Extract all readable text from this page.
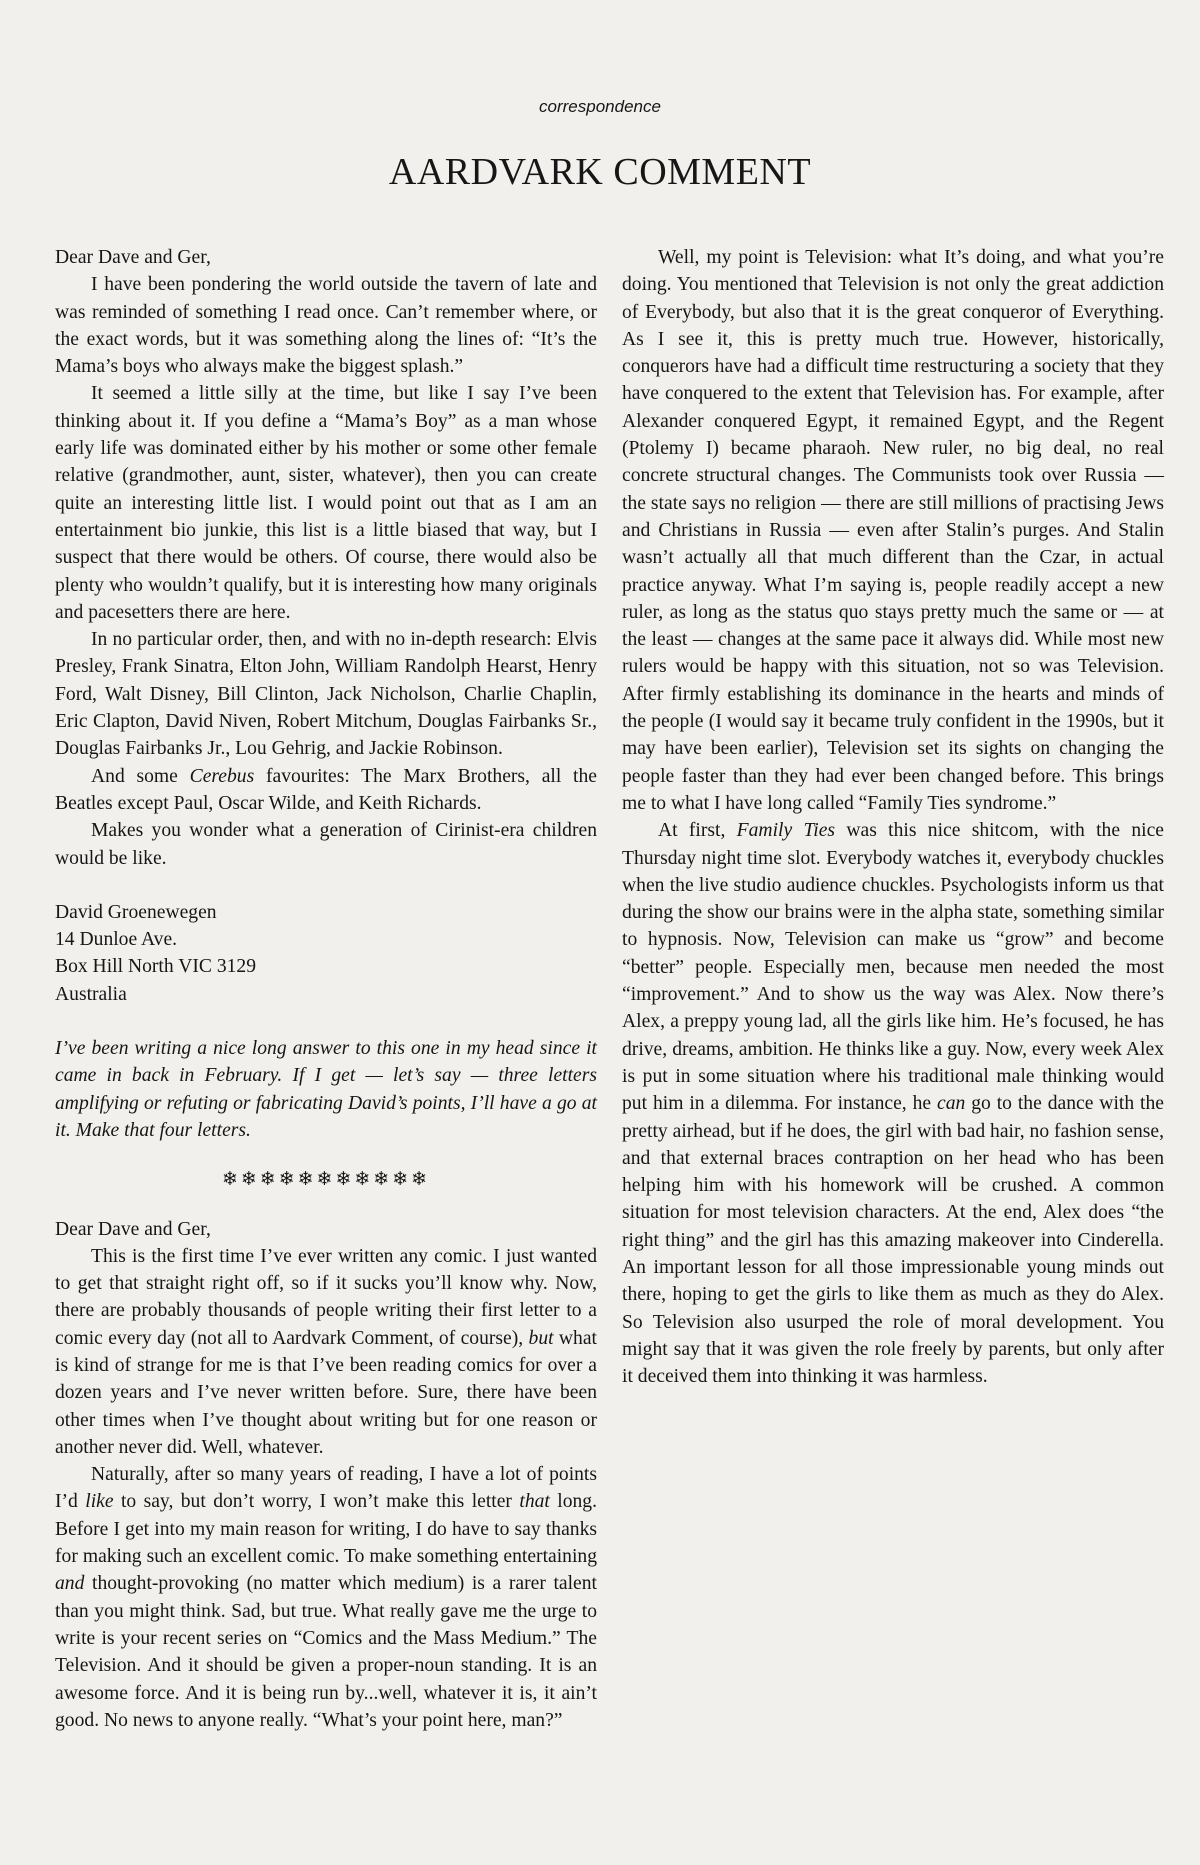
correspondence
AARDVARK COMMENT

Dear Dave and Ger,

I have been pondering the world outside the tavern of late and was reminded of something I read once. Can’t remember where, or the exact words, but it was something along the lines of: “It’s the Mama’s boys who always make the biggest splash.”

It seemed a little silly at the time, but like I say I’ve been thinking about it. If you define a “Mama’s Boy” as a man whose early life was dominated either by his mother or some other female relative (grandmother, aunt, sister, whatever), then you can create quite an interesting little list. I would point out that as I am an entertainment bio junkie, this list is a little biased that way, but I suspect that there would be others. Of course, there would also be plenty who wouldn’t qualify, but it is interesting how many originals and pacesetters there are here.

In no particular order, then, and with no in-depth research: Elvis Presley, Frank Sinatra, Elton John, William Randolph Hearst, Henry Ford, Walt Disney, Bill Clinton, Jack Nicholson, Charlie Chaplin, Eric Clapton, David Niven, Robert Mitchum, Douglas Fairbanks Sr., Douglas Fairbanks Jr., Lou Gehrig, and Jackie Robinson.

And some Cerebus favourites: The Marx Brothers, all the Beatles except Paul, Oscar Wilde, and Keith Richards.

Makes you wonder what a generation of Cirinist-era children would be like.

David Groenewegen

14 Dunloe Ave.

Box Hill North VIC 3129

Australia

I’ve been writing a nice long answer to this one in my head since it came in back in February. If I get — let’s say — three letters amplifying or refuting or fabricating David’s points, I’ll have a go at it. Make that four letters.

❄❄❄❄❄❄❄❄❄❄❄

Dear Dave and Ger,

This is the first time I’ve ever written any comic. I just wanted to get that straight right off, so if it sucks you’ll know why. Now, there are probably thousands of people writing their first letter to a comic every day (not all to Aardvark Comment, of course), but what is kind of strange for me is that I’ve been reading comics for over a dozen years and I’ve never written before. Sure, there have been other times when I’ve thought about writing but for one reason or another never did. Well, whatever.

Naturally, after so many years of reading, I have a lot of points I’d like to say, but don’t worry, I won’t make this letter that long. Before I get into my main reason for writing, I do have to say thanks for making such an excellent comic. To make something entertaining and thought-provoking (no matter which medium) is a rarer talent than you might think. Sad, but true. What really gave me the urge to write is your recent series on “Comics and the Mass Medium.” The Television. And it should be given a proper-noun standing. It is an awesome force. And it is being run by...well, whatever it is, it ain’t good. No news to anyone really. “What’s your point here, man?”

Well, my point is Television: what It’s doing, and what you’re doing. You mentioned that Television is not only the great addiction of Everybody, but also that it is the great conqueror of Everything. As I see it, this is pretty much true. However, historically, conquerors have had a difficult time restructuring a society that they have conquered to the extent that Television has. For example, after Alexander conquered Egypt, it remained Egypt, and the Regent (Ptolemy I) became pharaoh. New ruler, no big deal, no real concrete structural changes. The Communists took over Russia — the state says no religion — there are still millions of practising Jews and Christians in Russia — even after Stalin’s purges. And Stalin wasn’t actually all that much different than the Czar, in actual practice anyway. What I’m saying is, people readily accept a new ruler, as long as the status quo stays pretty much the same or — at the least — changes at the same pace it always did. While most new rulers would be happy with this situation, not so was Television. After firmly establishing its dominance in the hearts and minds of the people (I would say it became truly confident in the 1990s, but it may have been earlier), Television set its sights on changing the people faster than they had ever been changed before. This brings me to what I have long called “Family Ties syndrome.”

At first, Family Ties was this nice shitcom, with the nice Thursday night time slot. Everybody watches it, everybody chuckles when the live studio audience chuckles. Psychologists inform us that during the show our brains were in the alpha state, something similar to hypnosis. Now, Television can make us “grow” and become “better” people. Especially men, because men needed the most “improvement.” And to show us the way was Alex. Now there’s Alex, a preppy young lad, all the girls like him. He’s focused, he has drive, dreams, ambition. He thinks like a guy. Now, every week Alex is put in some situation where his traditional male thinking would put him in a dilemma. For instance, he can go to the dance with the pretty airhead, but if he does, the girl with bad hair, no fashion sense, and that external braces contraption on her head who has been helping him with his homework will be crushed. A common situation for most television characters. At the end, Alex does “the right thing” and the girl has this amazing makeover into Cinderella. An important lesson for all those impressionable young minds out there, hoping to get the girls to like them as much as they do Alex. So Television also usurped the role of moral development. You might say that it was given the role freely by parents, but only after it deceived them into thinking it was harmless.
